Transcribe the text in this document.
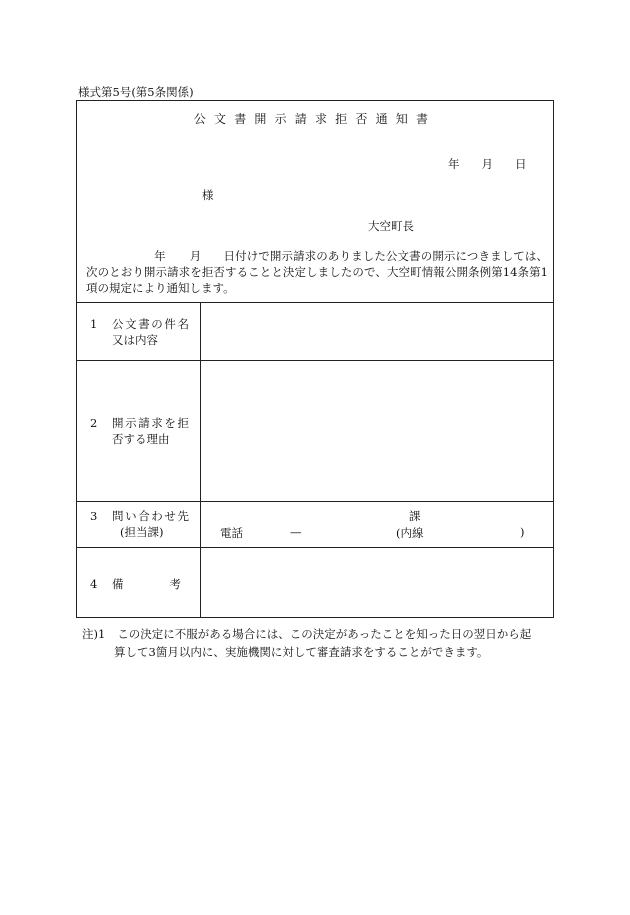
様式第5号(第5条関係)
公文書開示請求拒否通知書
年 月 日
様
大空町長
年 月 日付けで開示請求のありました公文書の開示につきましては、次のとおり開示請求を拒否することと決定しましたので、大空町情報公開条例第14条第1項の規定により通知します。
1 公文書の件名
又は内容
2 開示請求を拒
否する理由
3 問い合わせ先
(担当課)
課
電話	—	(内線	)
4 備　　　　考
注)1 この決定に不服がある場合には、この決定があったことを知った日の翌日から起
算して3箇月以内に、実施機関に対して審査請求をすることができます。
